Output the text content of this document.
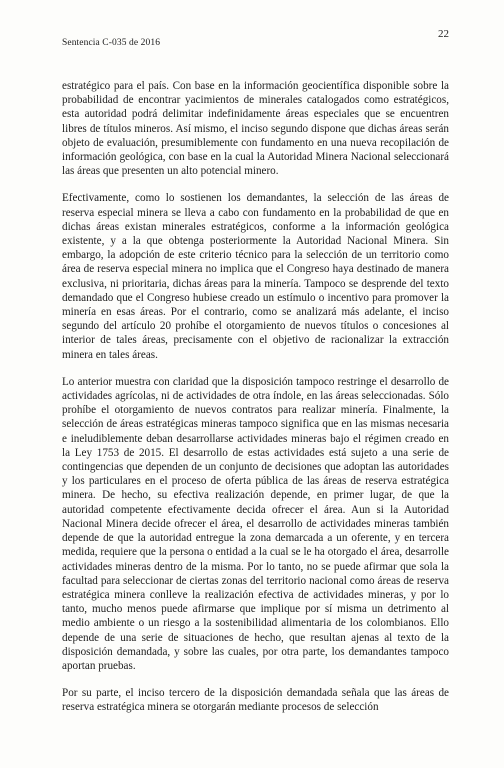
Sentencia C-035 de 2016
22

estratégico para el país. Con base en la información geocientífica disponible sobre la probabilidad de encontrar yacimientos de minerales catalogados como estratégicos, esta autoridad podrá delimitar indefinidamente áreas especiales que se encuentren libres de títulos mineros. Así mismo, el inciso segundo dispone que dichas áreas serán objeto de evaluación, presumiblemente con fundamento en una nueva recopilación de información geológica, con base en la cual la Autoridad Minera Nacional seleccionará las áreas que presenten un alto potencial minero.

Efectivamente, como lo sostienen los demandantes, la selección de las áreas de reserva especial minera se lleva a cabo con fundamento en la probabilidad de que en dichas áreas existan minerales estratégicos, conforme a la información geológica existente, y a la que obtenga posteriormente la Autoridad Nacional Minera. Sin embargo, la adopción de este criterio técnico para la selección de un territorio como área de reserva especial minera no implica que el Congreso haya destinado de manera exclusiva, ni prioritaria, dichas áreas para la minería. Tampoco se desprende del texto demandado que el Congreso hubiese creado un estímulo o incentivo para promover la minería en esas áreas. Por el contrario, como se analizará más adelante, el inciso segundo del artículo 20 prohíbe el otorgamiento de nuevos títulos o concesiones al interior de tales áreas, precisamente con el objetivo de racionalizar la extracción minera en tales áreas.

Lo anterior muestra con claridad que la disposición tampoco restringe el desarrollo de actividades agrícolas, ni de actividades de otra índole, en las áreas seleccionadas. Sólo prohíbe el otorgamiento de nuevos contratos para realizar minería. Finalmente, la selección de áreas estratégicas mineras tampoco significa que en las mismas necesaria e ineludiblemente deban desarrollarse actividades mineras bajo el régimen creado en la Ley 1753 de 2015. El desarrollo de estas actividades está sujeto a una serie de contingencias que dependen de un conjunto de decisiones que adoptan las autoridades y los particulares en el proceso de oferta pública de las áreas de reserva estratégica minera. De hecho, su efectiva realización depende, en primer lugar, de que la autoridad competente efectivamente decida ofrecer el área. Aun si la Autoridad Nacional Minera decide ofrecer el área, el desarrollo de actividades mineras también depende de que la autoridad entregue la zona demarcada a un oferente, y en tercera medida, requiere que la persona o entidad a la cual se le ha otorgado el área, desarrolle actividades mineras dentro de la misma. Por lo tanto, no se puede afirmar que sola la facultad para seleccionar de ciertas zonas del territorio nacional como áreas de reserva estratégica minera conlleve la realización efectiva de actividades mineras, y por lo tanto, mucho menos puede afirmarse que implique por sí misma un detrimento al medio ambiente o un riesgo a la sostenibilidad alimentaria de los colombianos. Ello depende de una serie de situaciones de hecho, que resultan ajenas al texto de la disposición demandada, y sobre las cuales, por otra parte, los demandantes tampoco aportan pruebas.

Por su parte, el inciso tercero de la disposición demandada señala que las áreas de reserva estratégica minera se otorgarán mediante procesos de selección
